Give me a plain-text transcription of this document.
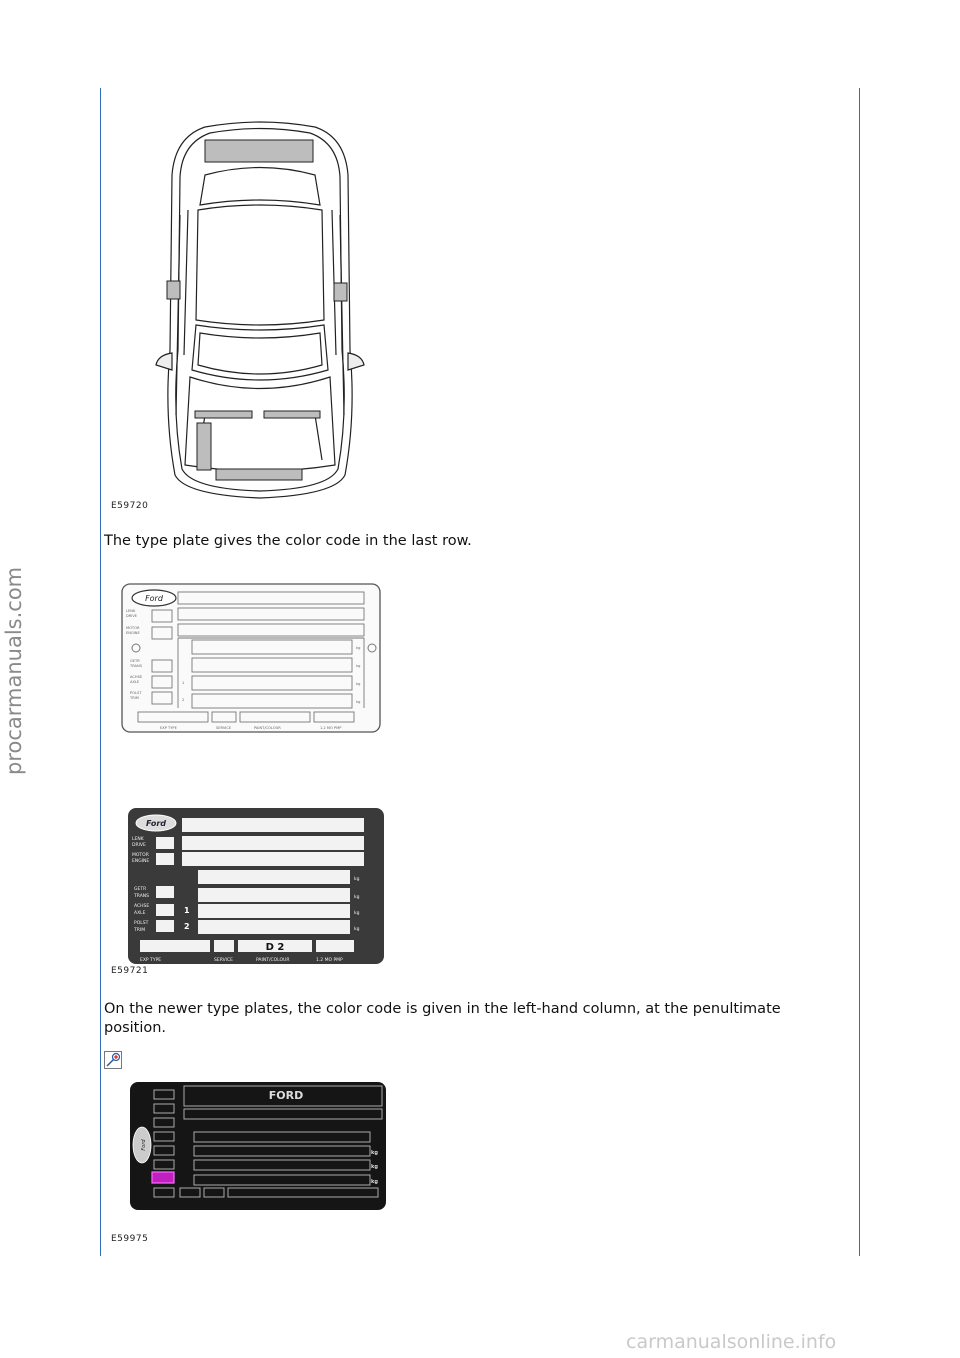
procarmanuals.com
E59720
The type plate gives the color code in the last row.
Ford
LENK
DRIVE
MOTOR
ENGINE
GETR
TRANS
ACHSE
AXLE
POLST
TRIM
kg
kg
kg
kg
1
2
EXP TYPE	SERVICE	PAINT/COLOUR	1.2 MO PMP
Ford
LENK
DRIVE
MOTOR
ENGINE
GETR
TRANS
ACHSE
AXLE
POLST
TRIM
kg
kg
kg
kg
EXP TYPE	SERVICE	PAINT/COLOUR	1.2 MO PMP
1
2
D 2
E59721
On the newer type plates, the color code is given in the left-hand column, at the penultimate position.
Ford
FORD
kg
kg
kg
E59975
carmanualsonline.info
